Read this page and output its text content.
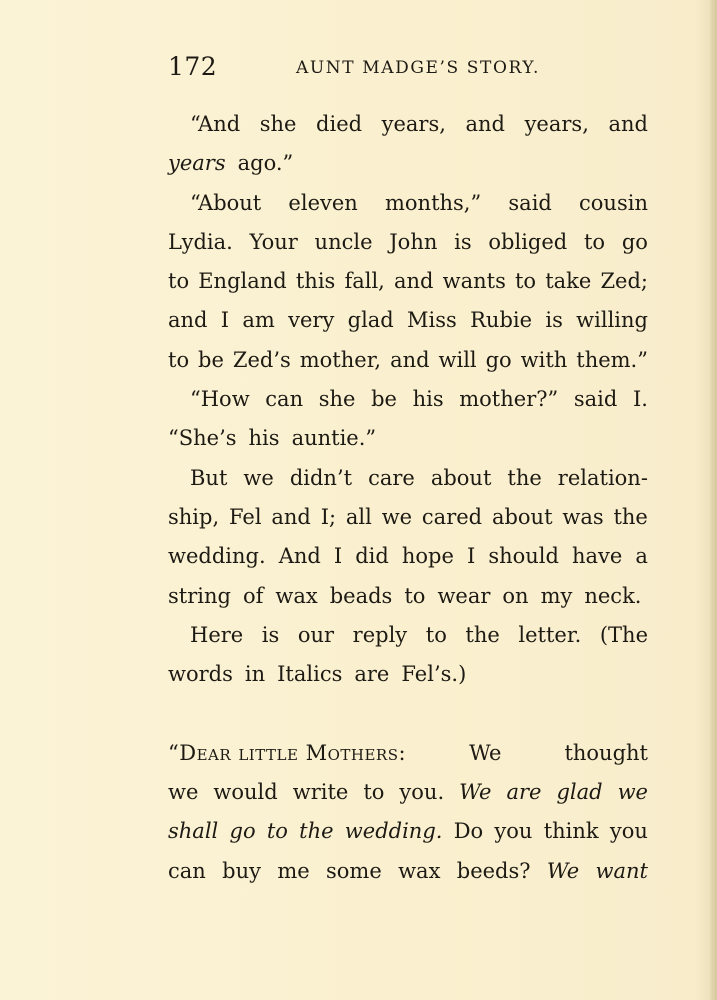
172	AUNT MADGE’S STORY.
“And she died years, and years, and
years ago.”
“About eleven months,” said cousin
Lydia. Your uncle John is obliged to go
to England this fall, and wants to take Zed;
and I am very glad Miss Rubie is willing
to be Zed’s mother, and will go with them.”
“How can she be his mother?” said I.
“She’s his auntie.”
But we didn’t care about the relation-
ship, Fel and I; all we cared about was the
wedding. And I did hope I should have a
string of wax beads to wear on my neck.
Here is our reply to the letter. (The
words in Italics are Fel’s.)
“Dear little Mothers:	We	thought
we would write to you. We are glad we
shall go to the wedding. Do you think you
can buy me some wax beeds? We want
